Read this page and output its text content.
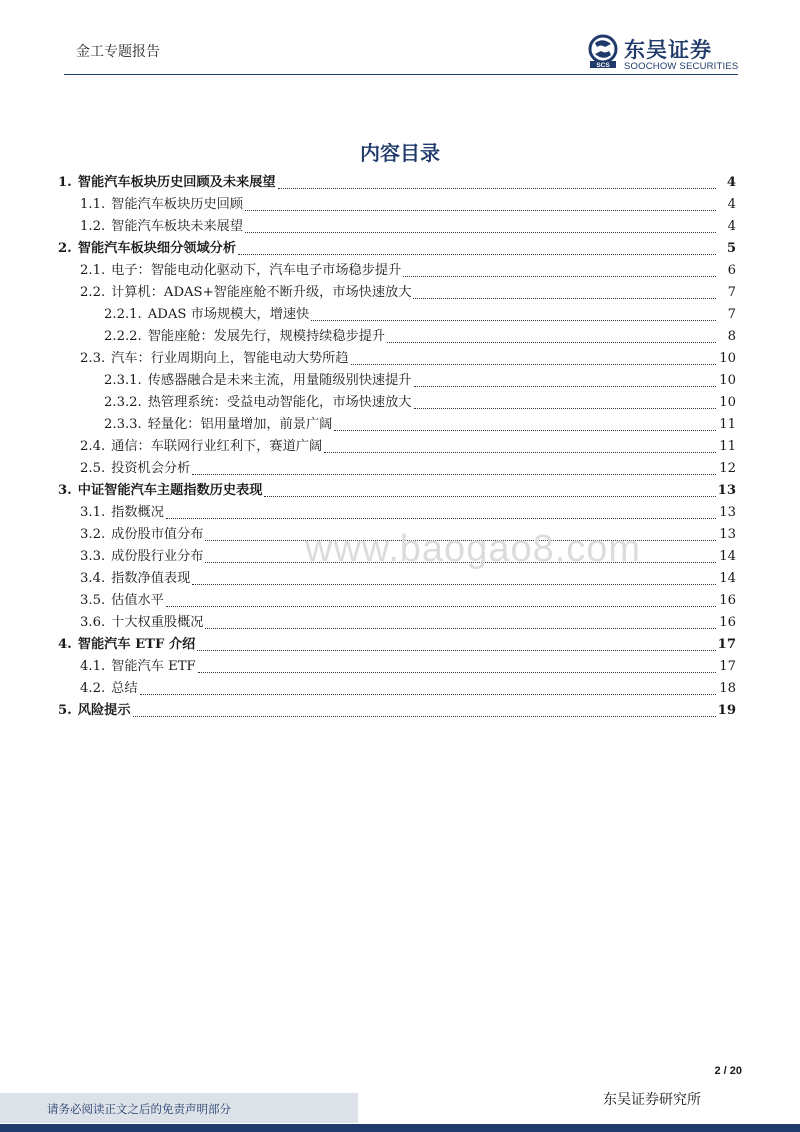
金工专题报告
SCS
东吴证券
SOOCHOW SECURITIES
内容目录
1. 智能汽车板块历史回顾及未来展望	4
1.1. 智能汽车板块历史回顾	4
1.2. 智能汽车板块未来展望	4
2. 智能汽车板块细分领域分析	5
2.1. 电子：智能电动化驱动下，汽车电子市场稳步提升	6
2.2. 计算机：ADAS+智能座舱不断升级，市场快速放大	7
2.2.1. ADAS 市场规模大，增速快	7
2.2.2. 智能座舱：发展先行，规模持续稳步提升	8
2.3. 汽车：行业周期向上，智能电动大势所趋	10
2.3.1. 传感器融合是未来主流，用量随级别快速提升	10
2.3.2. 热管理系统：受益电动智能化，市场快速放大	10
2.3.3. 轻量化：铝用量增加，前景广阔	11
2.4. 通信：车联网行业红利下，赛道广阔	11
2.5. 投资机会分析	12
3. 中证智能汽车主题指数历史表现	13
3.1. 指数概况	13
3.2. 成份股市值分布	13
3.3. 成份股行业分布	14
3.4. 指数净值表现	14
3.5. 估值水平	16
3.6. 十大权重股概况	16
4. 智能汽车 ETF 介绍	17
4.1. 智能汽车 ETF	17
4.2. 总结	18
5. 风险提示	19
www.baogao8.com
2 / 20
请务必阅读正文之后的免责声明部分
东吴证券研究所
